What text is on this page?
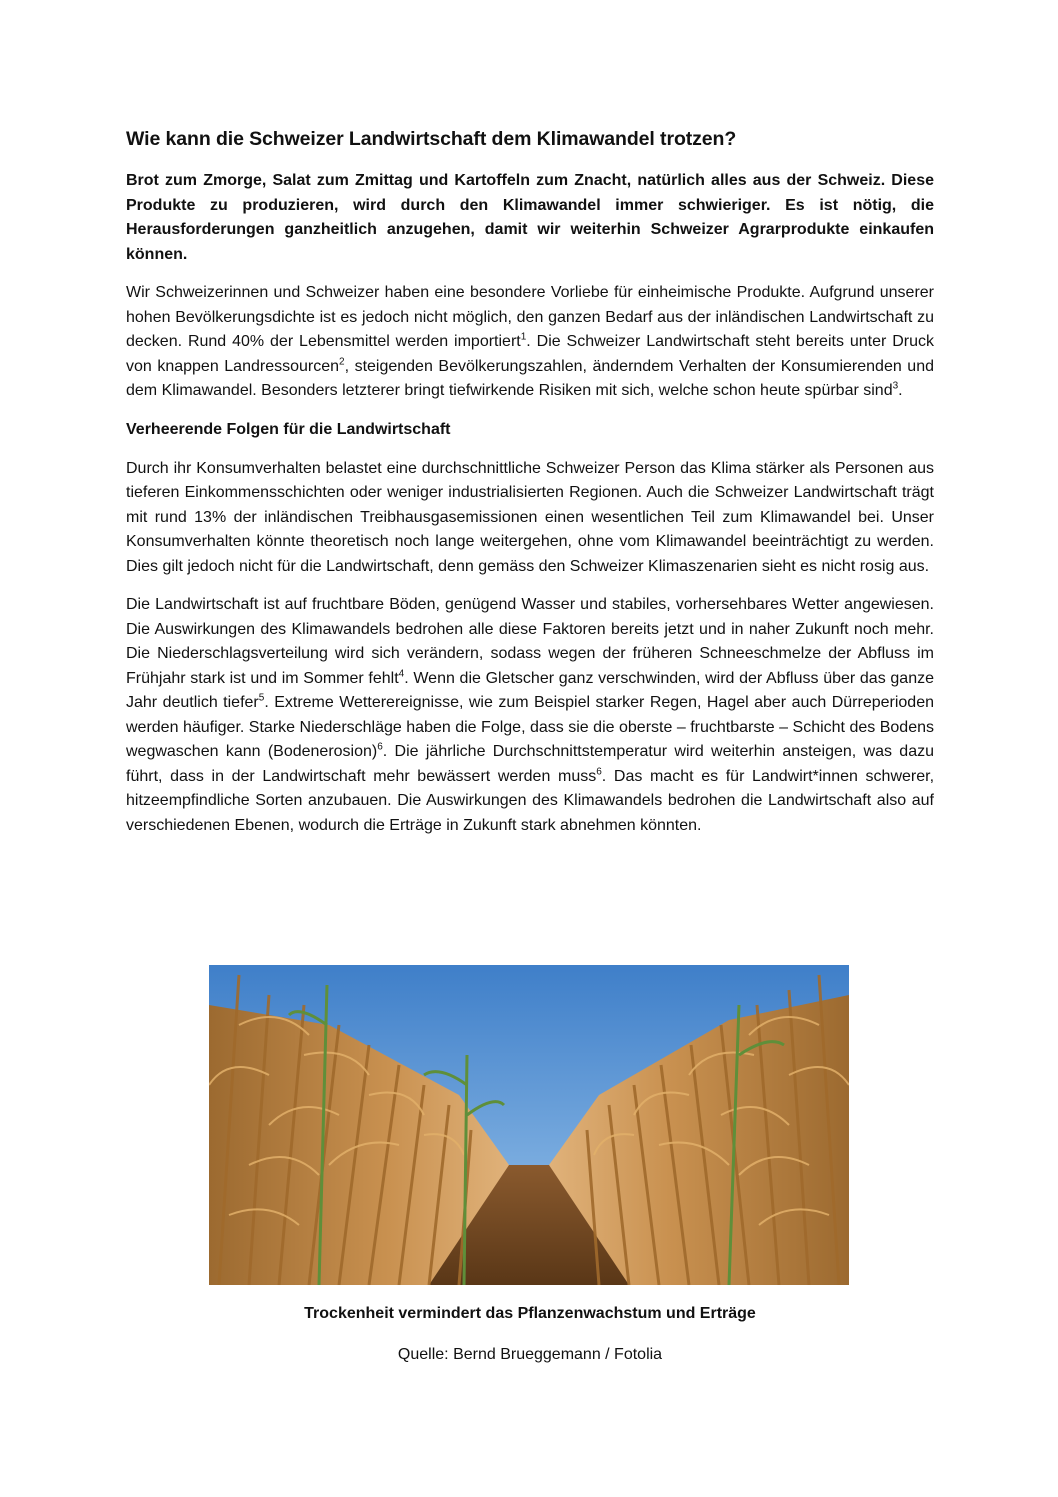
Wie kann die Schweizer Landwirtschaft dem Klimawandel trotzen?

Brot zum Zmorge, Salat zum Zmittag und Kartoffeln zum Znacht, natürlich alles aus der Schweiz. Diese Produkte zu produzieren, wird durch den Klimawandel immer schwieriger. Es ist nötig, die Herausforderungen ganzheitlich anzugehen, damit wir weiterhin Schweizer Agrarprodukte einkaufen können.

Wir Schweizerinnen und Schweizer haben eine besondere Vorliebe für einheimische Produkte. Aufgrund unserer hohen Bevölkerungsdichte ist es jedoch nicht möglich, den ganzen Bedarf aus der inländischen Landwirtschaft zu decken. Rund 40% der Lebensmittel werden importiert$^1$. Die Schweizer Landwirtschaft steht bereits unter Druck von knappen Landressourcen$^2$, steigenden Bevölkerungszahlen, änderndem Verhalten der Konsumierenden und dem Klimawandel. Besonders letzterer bringt tiefwirkende Risiken mit sich, welche schon heute spürbar sind$^3$.

Verheerende Folgen für die Landwirtschaft

Durch ihr Konsumverhalten belastet eine durchschnittliche Schweizer Person das Klima stärker als Personen aus tieferen Einkommensschichten oder weniger industrialisierten Regionen. Auch die Schweizer Landwirtschaft trägt mit rund 13% der inländischen Treibhausgasemissionen einen wesentlichen Teil zum Klimawandel bei. Unser Konsumverhalten könnte theoretisch noch lange weitergehen, ohne vom Klimawandel beeinträchtigt zu werden. Dies gilt jedoch nicht für die Landwirtschaft, denn gemäss den Schweizer Klimaszenarien sieht es nicht rosig aus.

Die Landwirtschaft ist auf fruchtbare Böden, genügend Wasser und stabiles, vorhersehbares Wetter angewiesen. Die Auswirkungen des Klimawandels bedrohen alle diese Faktoren bereits jetzt und in naher Zukunft noch mehr. Die Niederschlagsverteilung wird sich verändern, sodass wegen der früheren Schneeschmelze der Abfluss im Frühjahr stark ist und im Sommer fehlt$^4$. Wenn die Gletscher ganz verschwinden, wird der Abfluss über das ganze Jahr deutlich tiefer$^5$. Extreme Wetterereignisse, wie zum Beispiel starker Regen, Hagel aber auch Dürreperioden werden häufiger. Starke Niederschläge haben die Folge, dass sie die oberste – fruchtbarste – Schicht des Bodens wegwaschen kann (Bodenerosion)$^6$. Die jährliche Durchschnittstemperatur wird weiterhin ansteigen, was dazu führt, dass in der Landwirtschaft mehr bewässert werden muss$^6$. Das macht es für Landwirt*innen schwerer, hitzeempfindliche Sorten anzubauen. Die Auswirkungen des Klimawandels bedrohen die Landwirtschaft also auf verschiedenen Ebenen, wodurch die Erträge in Zukunft stark abnehmen könnten.

Trockenheit vermindert das Pflanzenwachstum und Erträge
Quelle: Bernd Brueggemann / Fotolia
